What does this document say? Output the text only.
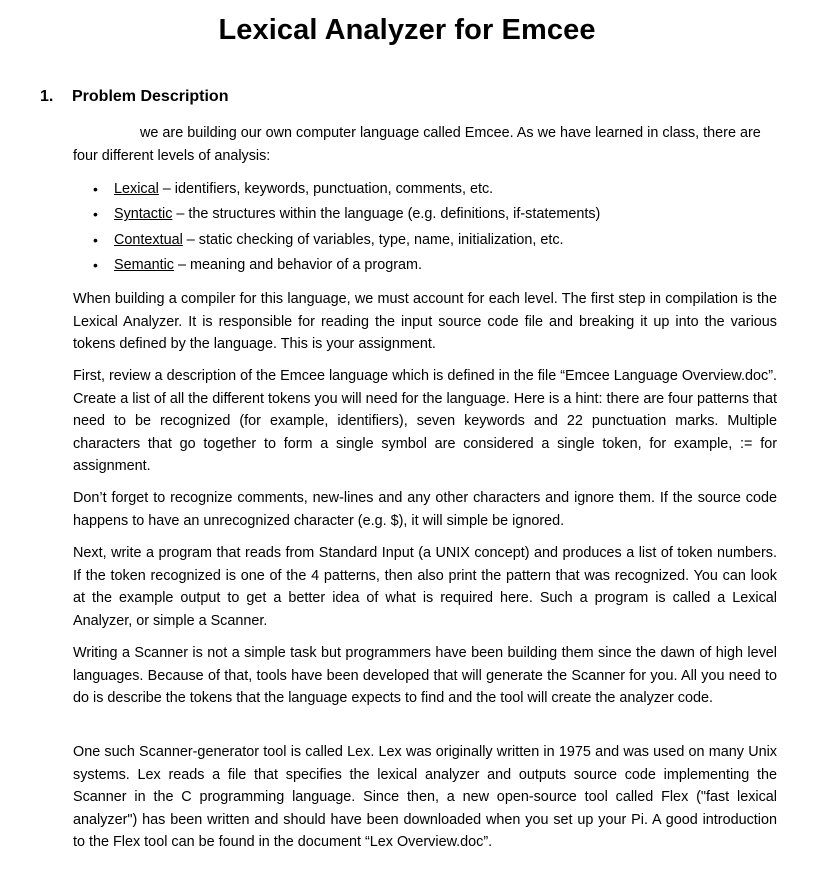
Lexical Analyzer for Emcee
1. Problem Description
we are building our own computer language called Emcee. As we have learned in class, there are four different levels of analysis:
• Lexical – identifiers, keywords, punctuation, comments, etc.
• Syntactic – the structures within the language (e.g. definitions, if-statements)
• Contextual – static checking of variables, type, name, initialization, etc.
• Semantic – meaning and behavior of a program.
When building a compiler for this language, we must account for each level. The first step in compilation is the Lexical Analyzer. It is responsible for reading the input source code file and breaking it up into the various tokens defined by the language. This is your assignment.
First, review a description of the Emcee language which is defined in the file “Emcee Language Overview.doc”. Create a list of all the different tokens you will need for the language. Here is a hint: there are four patterns that need to be recognized (for example, identifiers), seven keywords and 22 punctuation marks. Multiple characters that go together to form a single symbol are considered a single token, for example, := for assignment.
Don’t forget to recognize comments, new-lines and any other characters and ignore them. If the source code happens to have an unrecognized character (e.g. $), it will simple be ignored.
Next, write a program that reads from Standard Input (a UNIX concept) and produces a list of token numbers. If the token recognized is one of the 4 patterns, then also print the pattern that was recognized. You can look at the example output to get a better idea of what is required here. Such a program is called a Lexical Analyzer, or simple a Scanner.
Writing a Scanner is not a simple task but programmers have been building them since the dawn of high level languages. Because of that, tools have been developed that will generate the Scanner for you. All you need to do is describe the tokens that the language expects to find and the tool will create the analyzer code.
One such Scanner-generator tool is called Lex. Lex was originally written in 1975 and was used on many Unix systems. Lex reads a file that specifies the lexical analyzer and outputs source code implementing the Scanner in the C programming language. Since then, a new open-source tool called Flex ("fast lexical analyzer") has been written and should have been downloaded when you set up your Pi. A good introduction to the Flex tool can be found in the document “Lex Overview.doc”.
